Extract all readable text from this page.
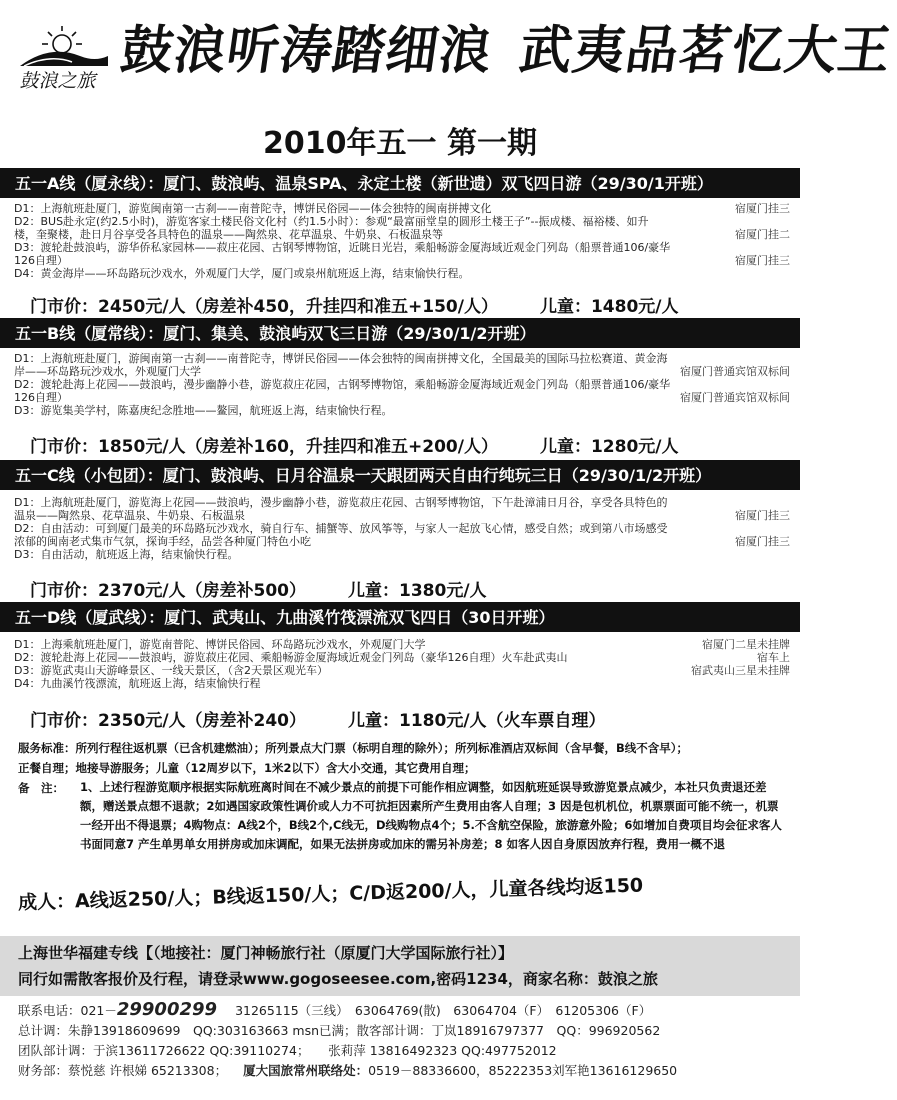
鼓浪之旅 鼓浪听涛踏细浪 武夷品茗忆大王
2010年五一 第一期
五一A线（厦永线）：厦门、鼓浪屿、温泉SPA、永定土楼（新世遗）双飞四日游（29/30/1开班）
D1：上海航班赴厦门，游览闽南第一古刹——南普陀寺，博饼民俗园——体会独特的闽南拼搏文化	宿厦门挂三
D2：BUS赴永定(约2.5小时)，游览客家土楼民俗文化村（约1.5小时）：参观“最富丽堂皇的圆形土楼王子”--振成楼、福裕楼、如升
楼，奎聚楼，赴日月谷享受各具特色的温泉——陶然泉、花草温泉、牛奶泉、石板温泉等	宿厦门挂二
D3：渡轮赴鼓浪屿，游华侨私家园林——菽庄花园、古钢琴博物馆，近眺日光岩，乘船畅游金厦海域近观金门列岛（船票普通106/豪华
126自理）	宿厦门挂三
D4：黄金海岸——环岛路玩沙戏水，外观厦门大学，厦门或泉州航班返上海，结束愉快行程。
门市价：2450元/人（房差补450，升挂四和准五+150/人） 儿童：1480元/人
五一B线（厦常线）：厦门、集美、鼓浪屿双飞三日游（29/30/1/2开班）
D1：上海航班赴厦门，游闽南第一古刹——南普陀寺，博饼民俗园——体会独特的闽南拼搏文化，全国最美的国际马拉松赛道、黄金海
岸——环岛路玩沙戏水，外观厦门大学	宿厦门普通宾馆双标间
D2：渡轮赴海上花园——鼓浪屿，漫步幽静小巷，游览菽庄花园，古钢琴博物馆，乘船畅游金厦海域近观金门列岛（船票普通106/豪华
126自理）	宿厦门普通宾馆双标间
D3：游览集美学村，陈嘉庚纪念胜地——鳌园，航班返上海，结束愉快行程。
门市价：1850元/人（房差补160，升挂四和准五+200/人） 儿童：1280元/人
五一C线（小包团）：厦门、鼓浪屿、日月谷温泉一天跟团两天自由行纯玩三日（29/30/1/2开班）
D1：上海航班赴厦门，游览海上花园——鼓浪屿，漫步幽静小巷，游览菽庄花园、古钢琴博物馆，下午赴漳浦日月谷，享受各具特色的
温泉——陶然泉、花草温泉、牛奶泉、石板温泉	宿厦门挂三
D2：自由活动：可到厦门最美的环岛路玩沙戏水，骑自行车、捕蟹等、放风筝等，与家人一起放飞心情，感受自然；或到第八市场感受
浓郁的闽南老式集市气氛，探询手经，品尝各种厦门特色小吃	宿厦门挂三
D3：自由活动，航班返上海，结束愉快行程。
门市价：2370元/人（房差补500） 儿童：1380元/人
五一D线（厦武线）：厦门、武夷山、九曲溪竹筏漂流双飞四日（30日开班）
D1：上海乘航班赴厦门，游览南普陀、博饼民俗园、环岛路玩沙戏水，外观厦门大学	宿厦门二星未挂牌
D2：渡轮赴海上花园——鼓浪屿，游览菽庄花园、乘船畅游金厦海域近观金门列岛（豪华126自理）火车赴武夷山	宿车上
D3：游览武夷山天游峰景区、一线天景区，（含2天景区观光车）	宿武夷山三星未挂牌
D4：九曲溪竹筏漂流，航班返上海，结束愉快行程
门市价：2350元/人（房差补240） 儿童：1180元/人（火车票自理）
服务标准：所列行程往返机票（已含机建燃油）；所列景点大门票（标明自理的除外）；所列标准酒店双标间（含早餐，B线不含早）；
正餐自理；地接导游服务；儿童（12周岁以下，1米2以下）含大小交通，其它费用自理；
备　注： 1、上述行程游览顺序根据实际航班离时间在不减少景点的前提下可能作相应调整，如因航班延误导致游览景点减少，本社只负责退还差额，赠送景点想不退款；2如遇国家政策性调价或人力不可抗拒因素所产生费用由客人自理；3 因是包机机位，机票票面可能不统一，机票一经开出不得退票；4购物点：A线2个，B线2个,C线无，D线购物点4个；5.不含航空保险，旅游意外险；6如增加自费项目均会征求客人书面同意7 产生单男单女用拼房或加床调配，如果无法拼房或加床的需另补房差；8 如客人因自身原因放弃行程，费用一概不退
成人：A线返250/人；B线返150/人；C/D返200/人，儿童各线均返150
上海世华福建专线【（地接社：厦门神畅旅行社（原厦门大学国际旅行社）】
同行如需散客报价及行程，请登录www.gogoseesee.com,密码1234，商家名称：鼓浪之旅
联系电话：021－29900299 31265115（三线）　63064769(散)　63064704（F）　61205306（F）
总计调：朱静13918609699　QQ:303163663 msn已满；散客部计调：丁岚18916797377　QQ：996920562
团队部计调：于滨13611726622 QQ:39110274；　　张莉萍 13816492323 QQ:497752012
财务部：蔡悦慈 许根娣 65213308； 厦大国旅常州联络处：0519－88336600，85222353刘军艳13616129650
